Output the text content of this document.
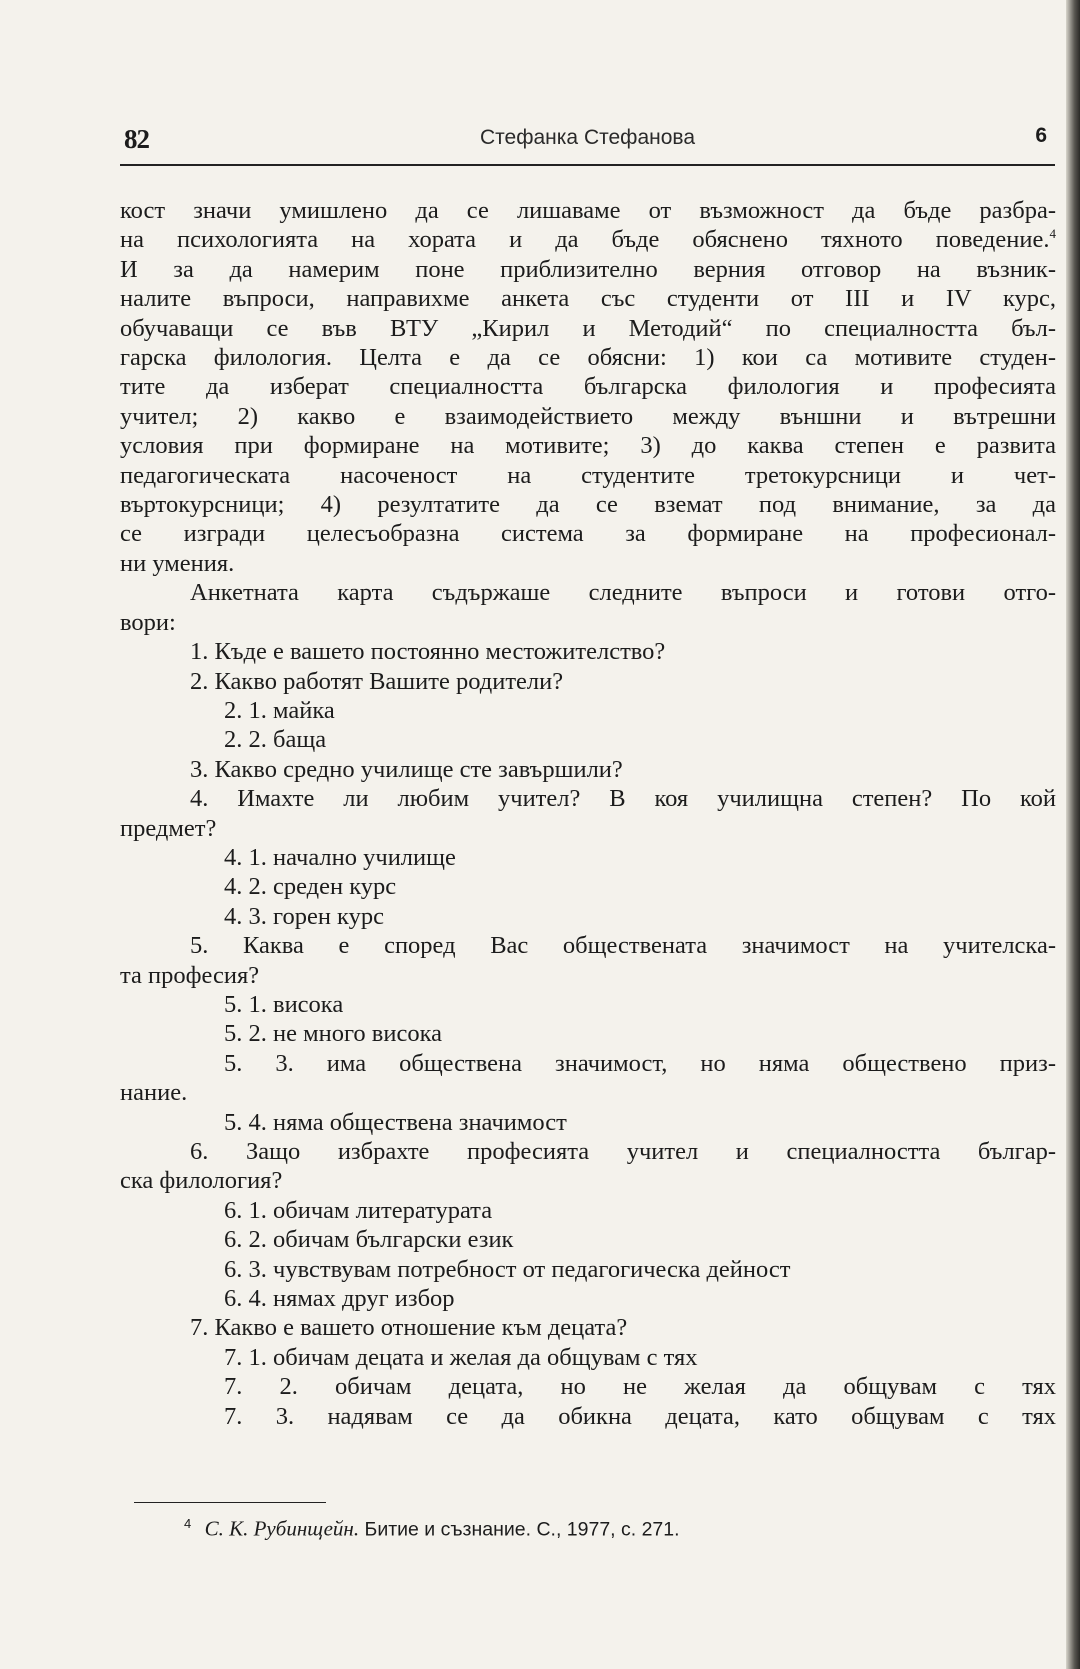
82	Стефанка Стефанова	6
кост значи умишлено да се лишаваме от възможност да бъде разбра-
на психологията на хората и да бъде обяснено тяхното поведение.$^4$
И за да намерим поне приблизително верния отговор на възник-
налите въпроси, направихме анкета със студенти от III и IV курс,
обучаващи се във ВТУ „Кирил и Методий“ по специалността бъл-
гарска филология. Целта е да се обясни: 1) кои са мотивите студен-
тите да изберат специалността българска филология и професията
учител; 2) какво е взаимодействието между външни и вътрешни
условия при формиране на мотивите; 3) до каква степен е развита
педагогическата насоченост на студентите третокурсници и чет-
въртокурсници; 4) резултатите да се вземат под внимание, за да
се изгради целесъобразна система за формиране на професионал-
ни умения.
Анкетната карта съдържаше следните въпроси и готови отго-
вори:
1. Къде е вашето постоянно местожителство?
2. Какво работят Вашите родители?
2. 1. майка
2. 2. баща
3. Какво средно училище сте завършили?
4. Имахте ли любим учител? В коя училищна степен? По кой
предмет?
4. 1. начално училище
4. 2. среден курс
4. 3. горен курс
5. Каква е според Вас обществената значимост на учителска-
та професия?
5. 1. висока
5. 2. не много висока
5. 3. има обществена значимост, но няма обществено приз-
нание.
5. 4. няма обществена значимост
6. Защо избрахте професията учител и специалността българ-
ска филология?
6. 1. обичам литературата
6. 2. обичам български език
6. 3. чувствувам потребност от педагогическа дейност
6. 4. нямах друг избор
7. Какво е вашето отношение към децата?
7. 1. обичам децата и желая да общувам с тях
7. 2. обичам децата, но не желая да общувам с тях
7. 3. надявам се да обикна децата, като общувам с тях
$^4$ С. К. Рубинщейн. Битие и съзнание. С., 1977, с. 271.
